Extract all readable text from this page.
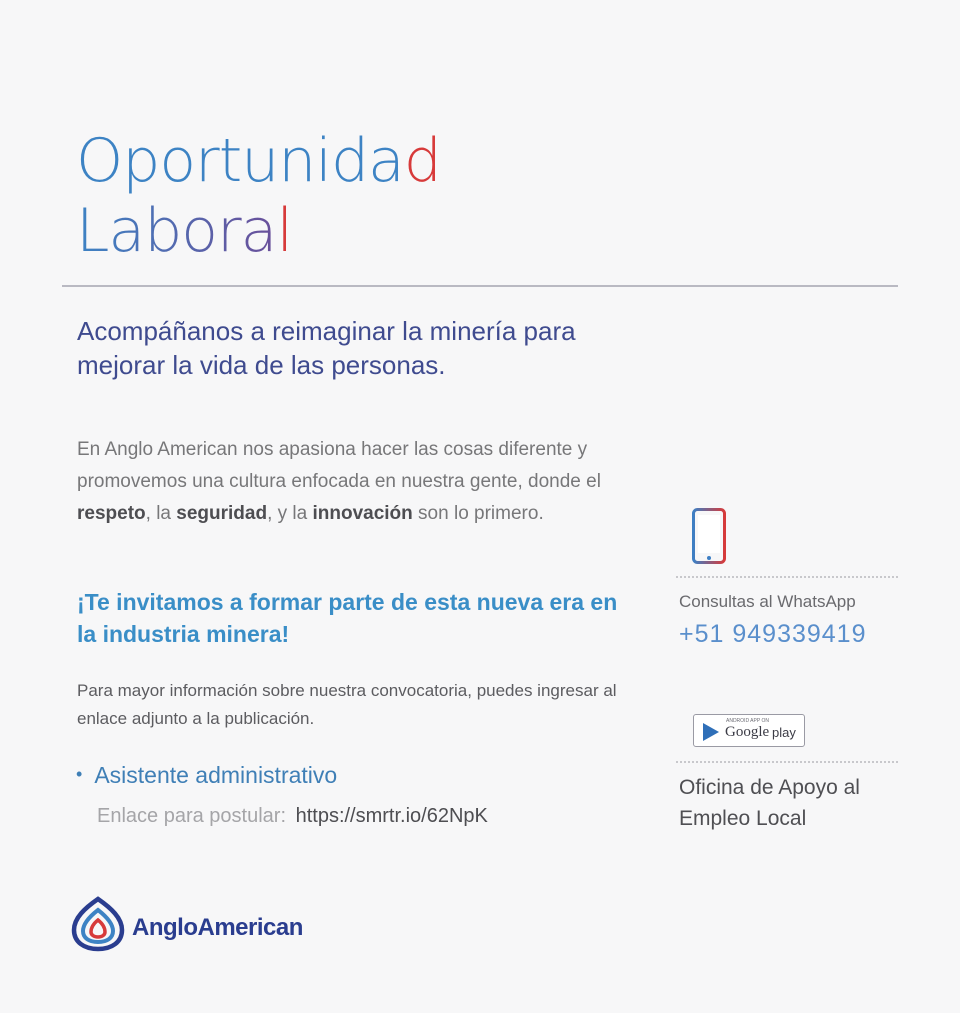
Oportunidad
Laboral
Acompáñanos a reimaginar la minería para mejorar la vida de las personas.

En Anglo American nos apasiona hacer las cosas diferente y promovemos una cultura enfocada en nuestra gente, donde el respeto, la seguridad, y la innovación son lo primero.

¡Te invitamos a formar parte de esta nueva era en la industria minera!

Para mayor información sobre nuestra convocatoria, puedes ingresar al enlace adjunto a la publicación.

• Asistente administrativo
Enlace para postular: https://smrtr.io/62NpK
Consultas al WhatsApp
+51 949339419
ANDROID APP ON
Google play

Oficina de Apoyo al Empleo Local

AngloAmerican
